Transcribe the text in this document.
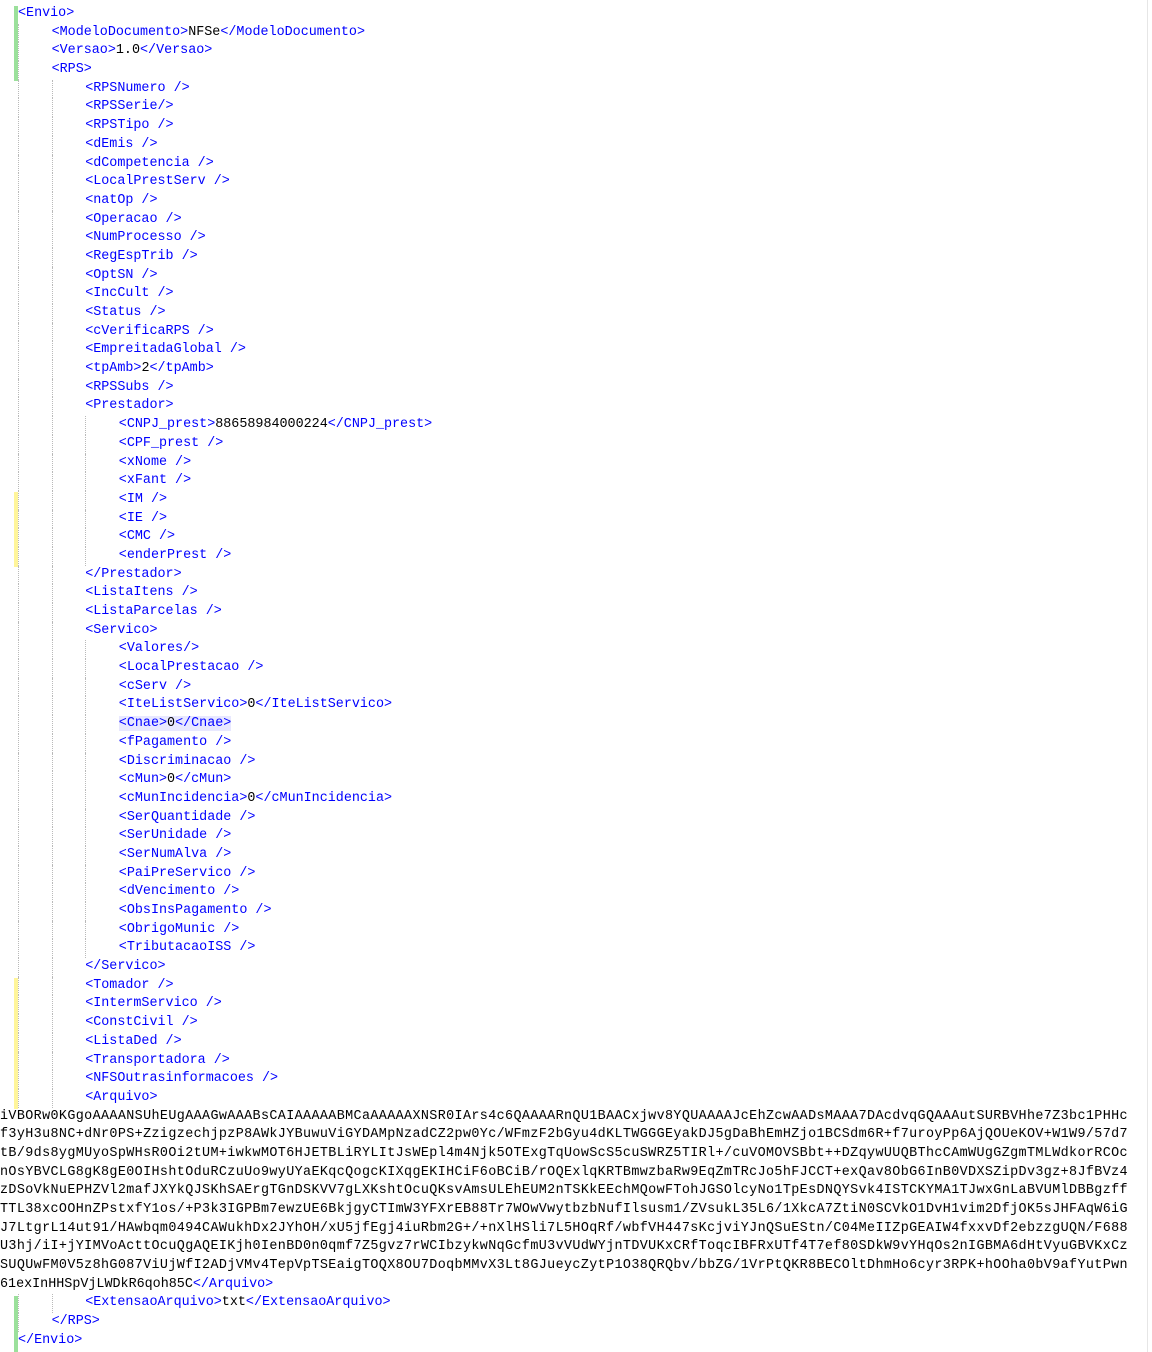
<Envio>
<ModeloDocumento>NFSe</ModeloDocumento>
<Versao>1.0</Versao>
<RPS>
<RPSNumero />
<RPSSerie/>
<RPSTipo />
<dEmis />
<dCompetencia />
<LocalPrestServ />
<natOp />
<Operacao />
<NumProcesso />
<RegEspTrib />
<OptSN />
<IncCult />
<Status />
<cVerificaRPS />
<EmpreitadaGlobal />
<tpAmb>2</tpAmb>
<RPSSubs />
<Prestador>
<CNPJ_prest>88658984000224</CNPJ_prest>
<CPF_prest />
<xNome />
<xFant />
<IM />
<IE />
<CMC />
<enderPrest />
</Prestador>
<ListaItens />
<ListaParcelas />
<Servico>
<Valores/>
<LocalPrestacao />
<cServ />
<IteListServico>0</IteListServico>
<Cnae>0</Cnae>
<fPagamento />
<Discriminacao />
<cMun>0</cMun>
<cMunIncidencia>0</cMunIncidencia>
<SerQuantidade />
<SerUnidade />
<SerNumAlva />
<PaiPreServico />
<dVencimento />
<ObsInsPagamento />
<ObrigoMunic />
<TributacaoISS />
</Servico>
<Tomador />
<IntermServico />
<ConstCivil />
<ListaDed />
<Transportadora />
<NFSOutrasinformacoes />
<Arquivo>
iVBORw0KGgoAAAANSUhEUgAAAGwAAABsCAIAAAAABMCaAAAAAXNSR0IArs4c6QAAAARnQU1BAACxjwv8YQUAAAAJcEhZcwAADsMAAA7DAcdvqGQAAAutSURBVHhe7Z3bc1PHHc
f3yH3u8NC+dNr0PS+ZzigzechjpzP8AWkJYBuwuViGYDAMpNzadCZ2pw0Yc/WFmzF2bGyu4dKLTWGGGEyakDJ5gDaBhEmHZjo1BCSdm6R+f7uroyPp6AjQOUeKOV+W1W9/57d7
tB/9ds8ygMUyoSpWHsR0Oi2tUM+iwkwMOT6HJETBLiRYLItJsWEpl4m4Njk5OTExgTqUowScS5cuSWRZ5TIRl+/cuVOMOVSBbt++DZqywUUQBThcCAmWUgGZgmTMLWdkorRCOc
nOsYBVCLG8gK8gE0OIHshtOduRCzuUo9wyUYaEKqcQogcKIXqgEKIHCiF6oBCiB/rOQExlqKRTBmwzbaRw9EqZmTRcJo5hFJCCT+exQav8ObG6InB0VDXSZipDv3gz+8JfBVz4
zDSoVkNuEPHZVl2mafJXYkQJSKhSAErgTGnDSKVV7gLXKshtOcuQKsvAmsULEhEUM2nTSKkEEchMQowFTohJGSOlcyNo1TpEsDNQYSvk4ISTCKYMA1TJwxGnLaBVUMlDBBgzff
TTL38xcOOHnZPstxfY1os/+P3k3IGPBm7ewzUE6BkjgyCTImW3YFXrEB88Tr7WOwVwytbzbNufIlsusm1/ZVsukL35L6/1XkcA7ZtiN0SCVkO1DvH1vim2DfjOK5sJHFAqW6iG
J7LtgrL14ut91/HAwbqm0494CAWukhDx2JYhOH/xU5jfEgj4iuRbm2G+/+nXlHSli7L5HOqRf/wbfVH447sKcjviYJnQSuEStn/C04MeIIZpGEAIW4fxxvDf2ebzzgUQN/F688
U3hj/iI+jYIMVoActtOcuQgAQEIKjh0IenBD0n0qmf7Z5gvz7rWCIbzykwNqGcfmU3vVUdWYjnTDVUKxCRfToqcIBFRxUTf4T7ef80SDkW9vYHqOs2nIGBMA6dHtVyuGBVKxCz
SUQUwFM0V5z8hG087ViUjWfI2ADjVMv4TepVpTSEaigTOQX8OU7DoqbMMvX3Lt8GJueycZytP1O38QRQbv/bbZG/1VrPtQKR8BECOltDhmHo6cyr3RPK+hOOha0bV9afYutPwn
61exInHHSpVjLWDkR6qoh85C</Arquivo>
<ExtensaoArquivo>txt</ExtensaoArquivo>
</RPS>
</Envio>
